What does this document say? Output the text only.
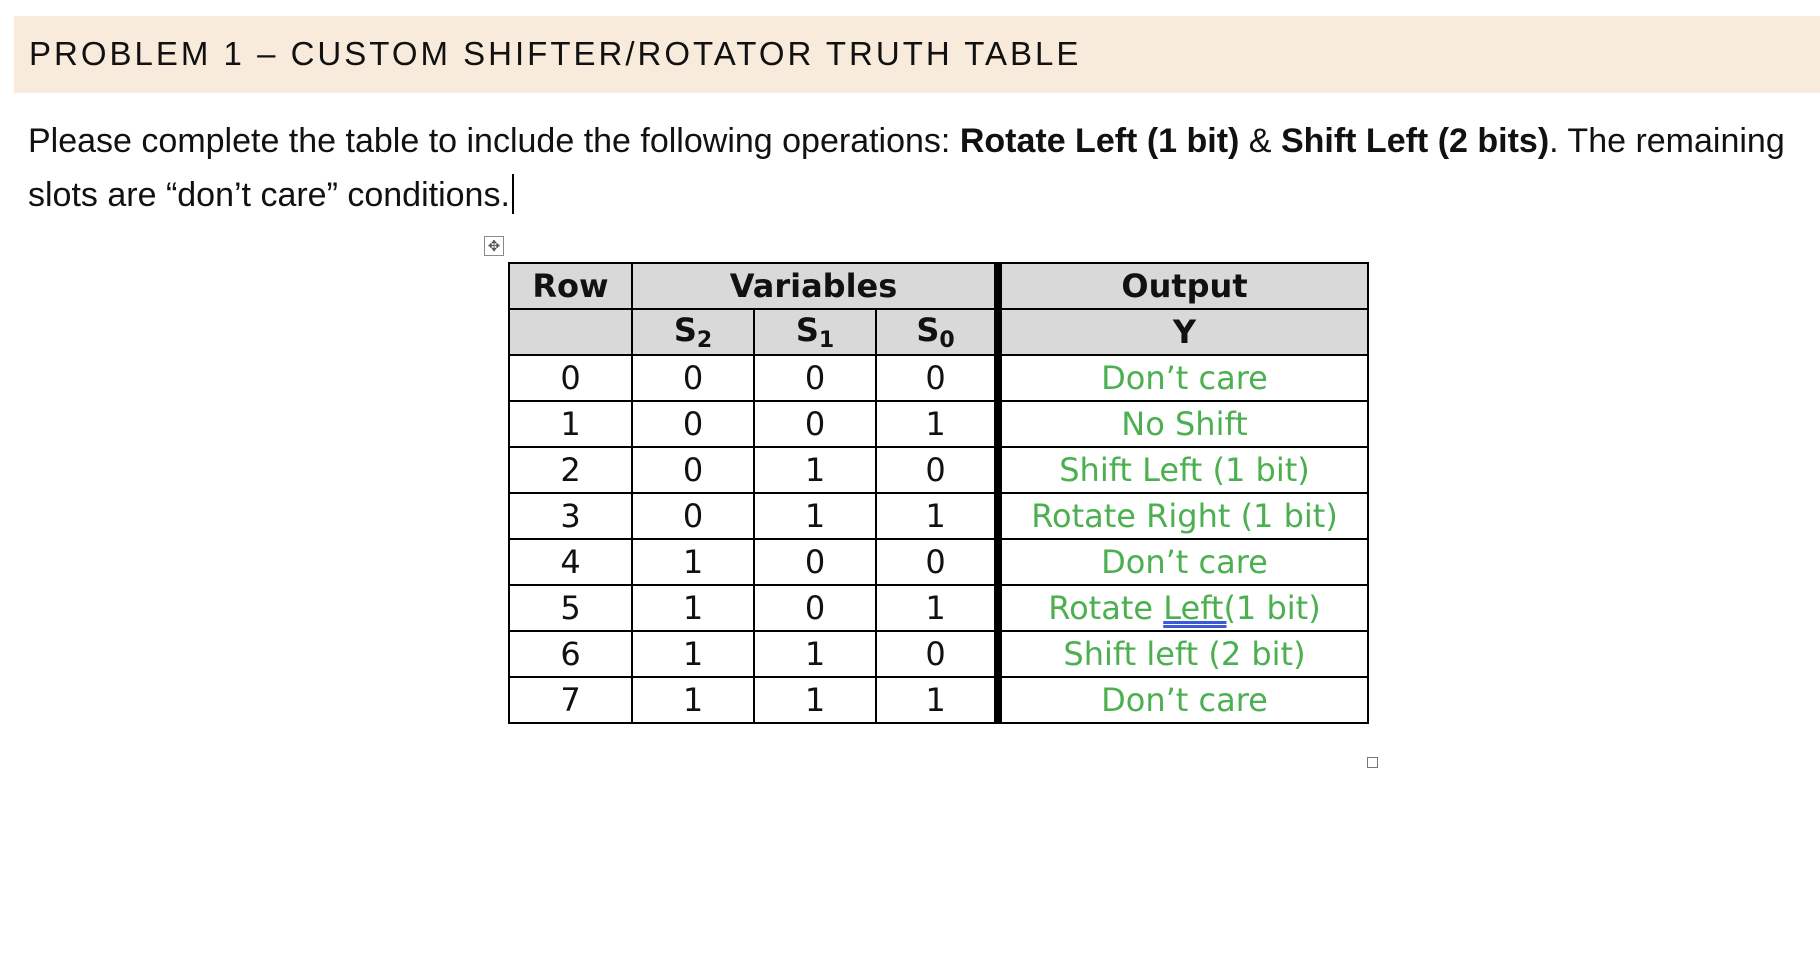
PROBLEM 1 – CUSTOM SHIFTER/ROTATOR TRUTH TABLE
Please complete the table to include the following operations: Rotate Left (1 bit) & Shift Left (2 bits). The remaining slots are “don’t care” conditions.
✥
Row	Variables			Output
	$S_2$	$S_1$	$S_0$	Y
0	0	0	0	Don’t care
1	0	0	1	No Shift
2	0	1	0	Shift Left (1 bit)
3	0	1	1	Rotate Right (1 bit)
4	1	0	0	Don’t care
5	1	0	1	Rotate Left(1 bit)
6	1	1	0	Shift left (2 bit)
7	1	1	1	Don’t care
